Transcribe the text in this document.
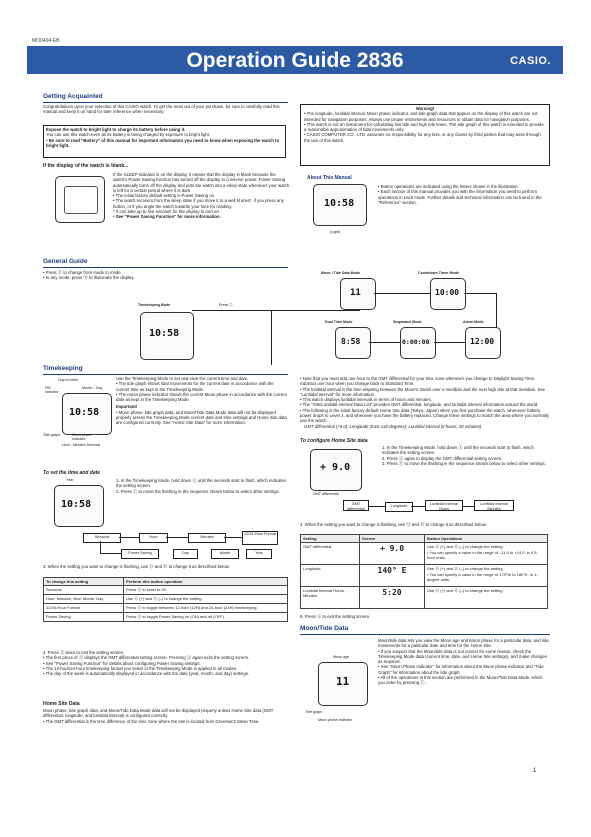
MO0404-EB
Operation Guide 2836	CASIO.
Getting Acquainted
Congratulations upon your selection of this CASIO watch. To get the most out of your purchase, be sure to carefully read this manual and keep it on hand for later reference when necessary.
Expose the watch to bright light to charge its battery before using it.
You can use this watch even as its battery is being charged by exposure to bright light.
• Be sure to read "Battery" of this manual for important information you need to know when exposing the watch to bright light.
If the display of the watch is blank...
If the SLEEP indicator is on the display, it means that the display is blank because the watch's Power Saving function has turned off the display to conserve power. Power Saving automatically turns off the display and puts the watch into a sleep state whenever your watch is left for a certain period where it is dark.
• The initial factory default setting is Power Saving on.
• The watch recovers from the sleep state if you move it to a well lit area*, if you press any button, or if you angle the watch towards your face for reading.
* It can take up to five seconds for the display to turn on.
• See "Power Saving Function" for more information.
Warning!
• The longitude, lunitidal interval, Moon phase indicator, and tide graph data that appear on the display of this watch are not intended for navigation purposes. Always use proper instruments and resources to obtain data for navigation purposes.
• This watch is not an instrument for calculating low tide and high tide times. The tide graph of this watch is intended to provide a reasonable approximation of tidal movements only.
• CASIO COMPUTER CO., LTD. assumes no responsibility for any loss, or any claims by third parties that may arise through the use of this watch.
About This Manual
10:58
(Light)
• Button operations are indicated using the letters shown in the illustration.
• Each section of this manual provides you with the information you need to perform operations in each mode. Further details and technical information can be found in the "Reference" section.
General Guide
• Press Ⓒ to change from mode to mode.
• In any mode, press Ⓑ to illuminate the display.
Timekeeping Mode	Press Ⓒ.
10:58
Moon / Tide Data Mode
11
Countdown Timer Mode
10:00
Dual Time Mode
8:58
Stopwatch Mode
0:00:00
Alarm Mode
12:00
Timekeeping
Day of week
PM indicator
Month – Day
10:58
Tide graph	Moon phase indicator
Hour : Minutes Seconds
Use the Timekeeping Mode to set and view the current time and date.
• The tide graph shows tidal movements for the current date in accordance with the current time as kept in the Timekeeping Mode.
• The moon phase indicator shows the current Moon phase in accordance with the current date as kept in the Timekeeping Mode.
Important!
• Moon phase, tide graph data, and Moon/Tide Data Mode data will not be displayed properly unless the Timekeeping Mode current date and time settings and Home Site data are configured correctly. See "Home Site Data" for more information.
To set the time and date
Year
10:58
1. In the Timekeeping Mode, hold down Ⓐ until the seconds start to flash, which indicates the setting screen.
2. Press Ⓒ to move the flashing in the sequence shown below to select other settings.
Seconds	Hour	Minutes
12/24-Hour Format
Power Saving	Day	Month	Year
3. When the setting you want to change is flashing, use Ⓓ and Ⓑ to change it as described below.
To change this setting	Perform this button operation
Seconds	Press Ⓓ to reset to 00.
Hour, Minutes, Year, Month, Day	Use Ⓓ (+) and Ⓑ (–) to change the setting.
12/24-Hour Format	Press Ⓓ to toggle between 12-hour (12H) and 24-hour (24H) timekeeping.
Power Saving	Press Ⓓ to toggle Power Saving on (ON) and off (OFF).
4. Press Ⓐ twice to exit the setting screen.
• The first press of Ⓐ displays the GMT differential setting screen. Pressing Ⓐ again exits the setting screen.
• See "Power Saving Function" for details about configuring Power Saving settings.
• The 12-hour/24-hour timekeeping format you select in the Timekeeping Mode is applied in all modes.
• The day of the week is automatically displayed in accordance with the date (year, month, and day) settings.
Home Site Data
Moon phase, tide graph data, and Moon/Tide Data Mode data will not be displayed properly unless Home Site data (GMT differential, longitude, and lunitidal interval) is configured correctly.
• The GMT differential is the time difference of the time zone where the site is located from Greenwich Mean Time.
• Note that you must add one hour to the GMT differential for your time zone whenever you change to Daylight Saving Time. Subtract one hour when you change back to Standard Time.
• The lunitidal interval is the time elapsing between the Moon's transit over a meridian and the next high tide at that meridian. See "Lunitidal Interval" for more information.
• This watch displays lunitidal intervals in terms of hours and minutes.
• The "Site/Lunitidal Interval Data List" provides GMT differential, longitude, and lunitidal interval information around the world.
• The following is the initial factory default Home Site data (Tokyo, Japan) when you first purchase the watch, whenever battery power drops to Level 4, and whenever you have the battery replaced. Change these settings to match the area where you normally use the watch.
GMT differential (+9.0); Longitude (East 140 degrees); Lunitidal interval (5 hours, 20 minutes)
To configure Home Site data
+ 9.0
GMT differential
1. In the Timekeeping Mode, hold down Ⓐ until the seconds start to flash, which indicates the setting screen.
2. Press Ⓐ again to display the GMT differential setting screen.
3. Press Ⓒ to move the flashing in the sequence shown below to select other settings.
GMT differential
Longitude	Lunitidal Interval Hours
Lunitidal Interval Minutes
4. When the setting you want to change is flashing, use Ⓓ and Ⓑ to change it as described below.
Setting	Screen	Button Operations
GMT differential	+ 9.0	Use Ⓓ (+) and Ⓑ (–) to change the setting.
• You can specify a value in the range of –11.0 to +14.0, in 0.5-hour units.
Longitude	140° E	Use Ⓓ (+) and Ⓑ (–) to change the setting.
• You can specify a value in the range of 179°W to 180°E, in 1-degree units.
Lunitidal Interval Hours, Minutes	5:20	Use Ⓓ (+) and Ⓑ (–) to change the setting.
5. Press Ⓐ to exit the setting screen.
Moon/Tide Data
Moon age
11
Tide graph
Moon phase indicator
Moon/tide data lets you view the Moon age and Moon phase for a particular date, and tide movements for a particular date and time for the Home Site.
• If you suspect that the Moon/tide data is not correct for some reason, check the Timekeeping Mode data (current time, date, and Home Site settings), and make changes as required.
• See "Moon Phase Indicator" for information about the Moon phase indicator and "Tide Graph" for information about the tide graph.
• All of the operations in this section are performed in the Moon/Tide Data Mode, which you enter by pressing Ⓒ.
1
